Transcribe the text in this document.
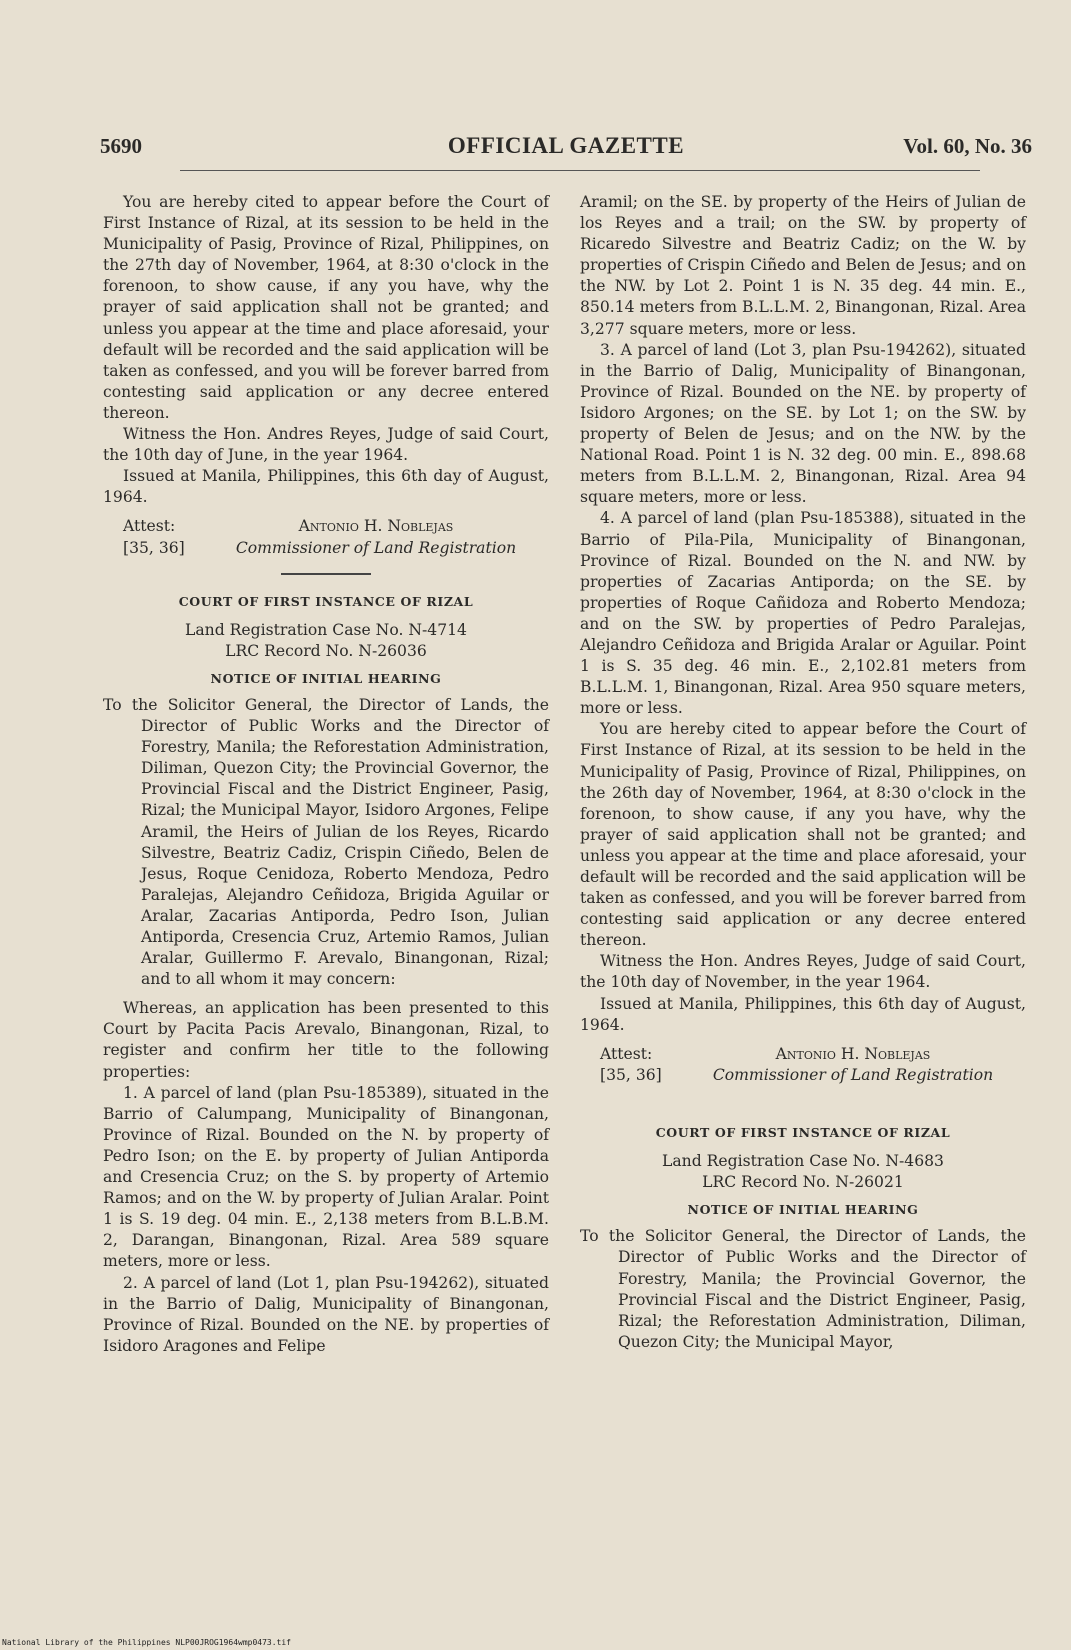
5690	OFFICIAL GAZETTE	Vol. 60, No. 36

You are hereby cited to appear before the Court of First Instance of Rizal, at its session to be held in the Municipality of Pasig, Province of Rizal, Philippines, on the 27th day of November, 1964, at 8:30 o'clock in the forenoon, to show cause, if any you have, why the prayer of said application shall not be granted; and unless you appear at the time and place aforesaid, your default will be recorded and the said application will be taken as confessed, and you will be forever barred from contesting said application or any decree entered thereon.

Witness the Hon. Andres Reyes, Judge of said Court, the 10th day of June, in the year 1964.

Issued at Manila, Philippines, this 6th day of August, 1964.

Attest:	Antonio H. Noblejas
[35, 36]	Commissioner of Land Registration
COURT OF FIRST INSTANCE OF RIZAL

Land Registration Case No. N-4714

LRC Record No. N-26036

NOTICE OF INITIAL HEARING

To the Solicitor General, the Director of Lands, the Director of Public Works and the Director of Forestry, Manila; the Reforestation Administration, Diliman, Quezon City; the Provincial Governor, the Provincial Fiscal and the District Engineer, Pasig, Rizal; the Municipal Mayor, Isidoro Argones, Felipe Aramil, the Heirs of Julian de los Reyes, Ricardo Silvestre, Beatriz Cadiz, Crispin Ciñedo, Belen de Jesus, Roque Cenidoza, Roberto Mendoza, Pedro Paralejas, Alejandro Ceñidoza, Brigida Aguilar or Aralar, Zacarias Antiporda, Pedro Ison, Julian Antiporda, Cresencia Cruz, Artemio Ramos, Julian Aralar, Guillermo F. Arevalo, Binangonan, Rizal; and to all whom it may concern:

Whereas, an application has been presented to this Court by Pacita Pacis Arevalo, Binangonan, Rizal, to register and confirm her title to the following properties:

1. A parcel of land (plan Psu-185389), situated in the Barrio of Calumpang, Municipality of Binangonan, Province of Rizal. Bounded on the N. by property of Pedro Ison; on the E. by property of Julian Antiporda and Cresencia Cruz; on the S. by property of Artemio Ramos; and on the W. by property of Julian Aralar. Point 1 is S. 19 deg. 04 min. E., 2,138 meters from B.L.B.M. 2, Darangan, Binangonan, Rizal. Area 589 square meters, more or less.

2. A parcel of land (Lot 1, plan Psu-194262), situated in the Barrio of Dalig, Municipality of Binangonan, Province of Rizal. Bounded on the NE. by properties of Isidoro Aragones and Felipe

Aramil; on the SE. by property of the Heirs of Julian de los Reyes and a trail; on the SW. by property of Ricaredo Silvestre and Beatriz Cadiz; on the W. by properties of Crispin Ciñedo and Belen de Jesus; and on the NW. by Lot 2. Point 1 is N. 35 deg. 44 min. E., 850.14 meters from B.L.L.M. 2, Binangonan, Rizal. Area 3,277 square meters, more or less.

3. A parcel of land (Lot 3, plan Psu-194262), situated in the Barrio of Dalig, Municipality of Binangonan, Province of Rizal. Bounded on the NE. by property of Isidoro Argones; on the SE. by Lot 1; on the SW. by property of Belen de Jesus; and on the NW. by the National Road. Point 1 is N. 32 deg. 00 min. E., 898.68 meters from B.L.L.M. 2, Binangonan, Rizal. Area 94 square meters, more or less.

4. A parcel of land (plan Psu-185388), situated in the Barrio of Pila-Pila, Municipality of Binangonan, Province of Rizal. Bounded on the N. and NW. by properties of Zacarias Antiporda; on the SE. by properties of Roque Cañidoza and Roberto Mendoza; and on the SW. by properties of Pedro Paralejas, Alejandro Ceñidoza and Brigida Aralar or Aguilar. Point 1 is S. 35 deg. 46 min. E., 2,102.81 meters from B.L.L.M. 1, Binangonan, Rizal. Area 950 square meters, more or less.

You are hereby cited to appear before the Court of First Instance of Rizal, at its session to be held in the Municipality of Pasig, Province of Rizal, Philippines, on the 26th day of November, 1964, at 8:30 o'clock in the forenoon, to show cause, if any you have, why the prayer of said application shall not be granted; and unless you appear at the time and place aforesaid, your default will be recorded and the said application will be taken as confessed, and you will be forever barred from contesting said application or any decree entered thereon.

Witness the Hon. Andres Reyes, Judge of said Court, the 10th day of November, in the year 1964.

Issued at Manila, Philippines, this 6th day of August, 1964.

Attest:	Antonio H. Noblejas
[35, 36]	Commissioner of Land Registration
COURT OF FIRST INSTANCE OF RIZAL

Land Registration Case No. N-4683

LRC Record No. N-26021

NOTICE OF INITIAL HEARING

To the Solicitor General, the Director of Lands, the Director of Public Works and the Director of Forestry, Manila; the Provincial Governor, the Provincial Fiscal and the District Engineer, Pasig, Rizal; the Reforestation Administration, Diliman, Quezon City; the Municipal Mayor,

National Library of the Philippines NLP00JROG1964wmp0473.tif
